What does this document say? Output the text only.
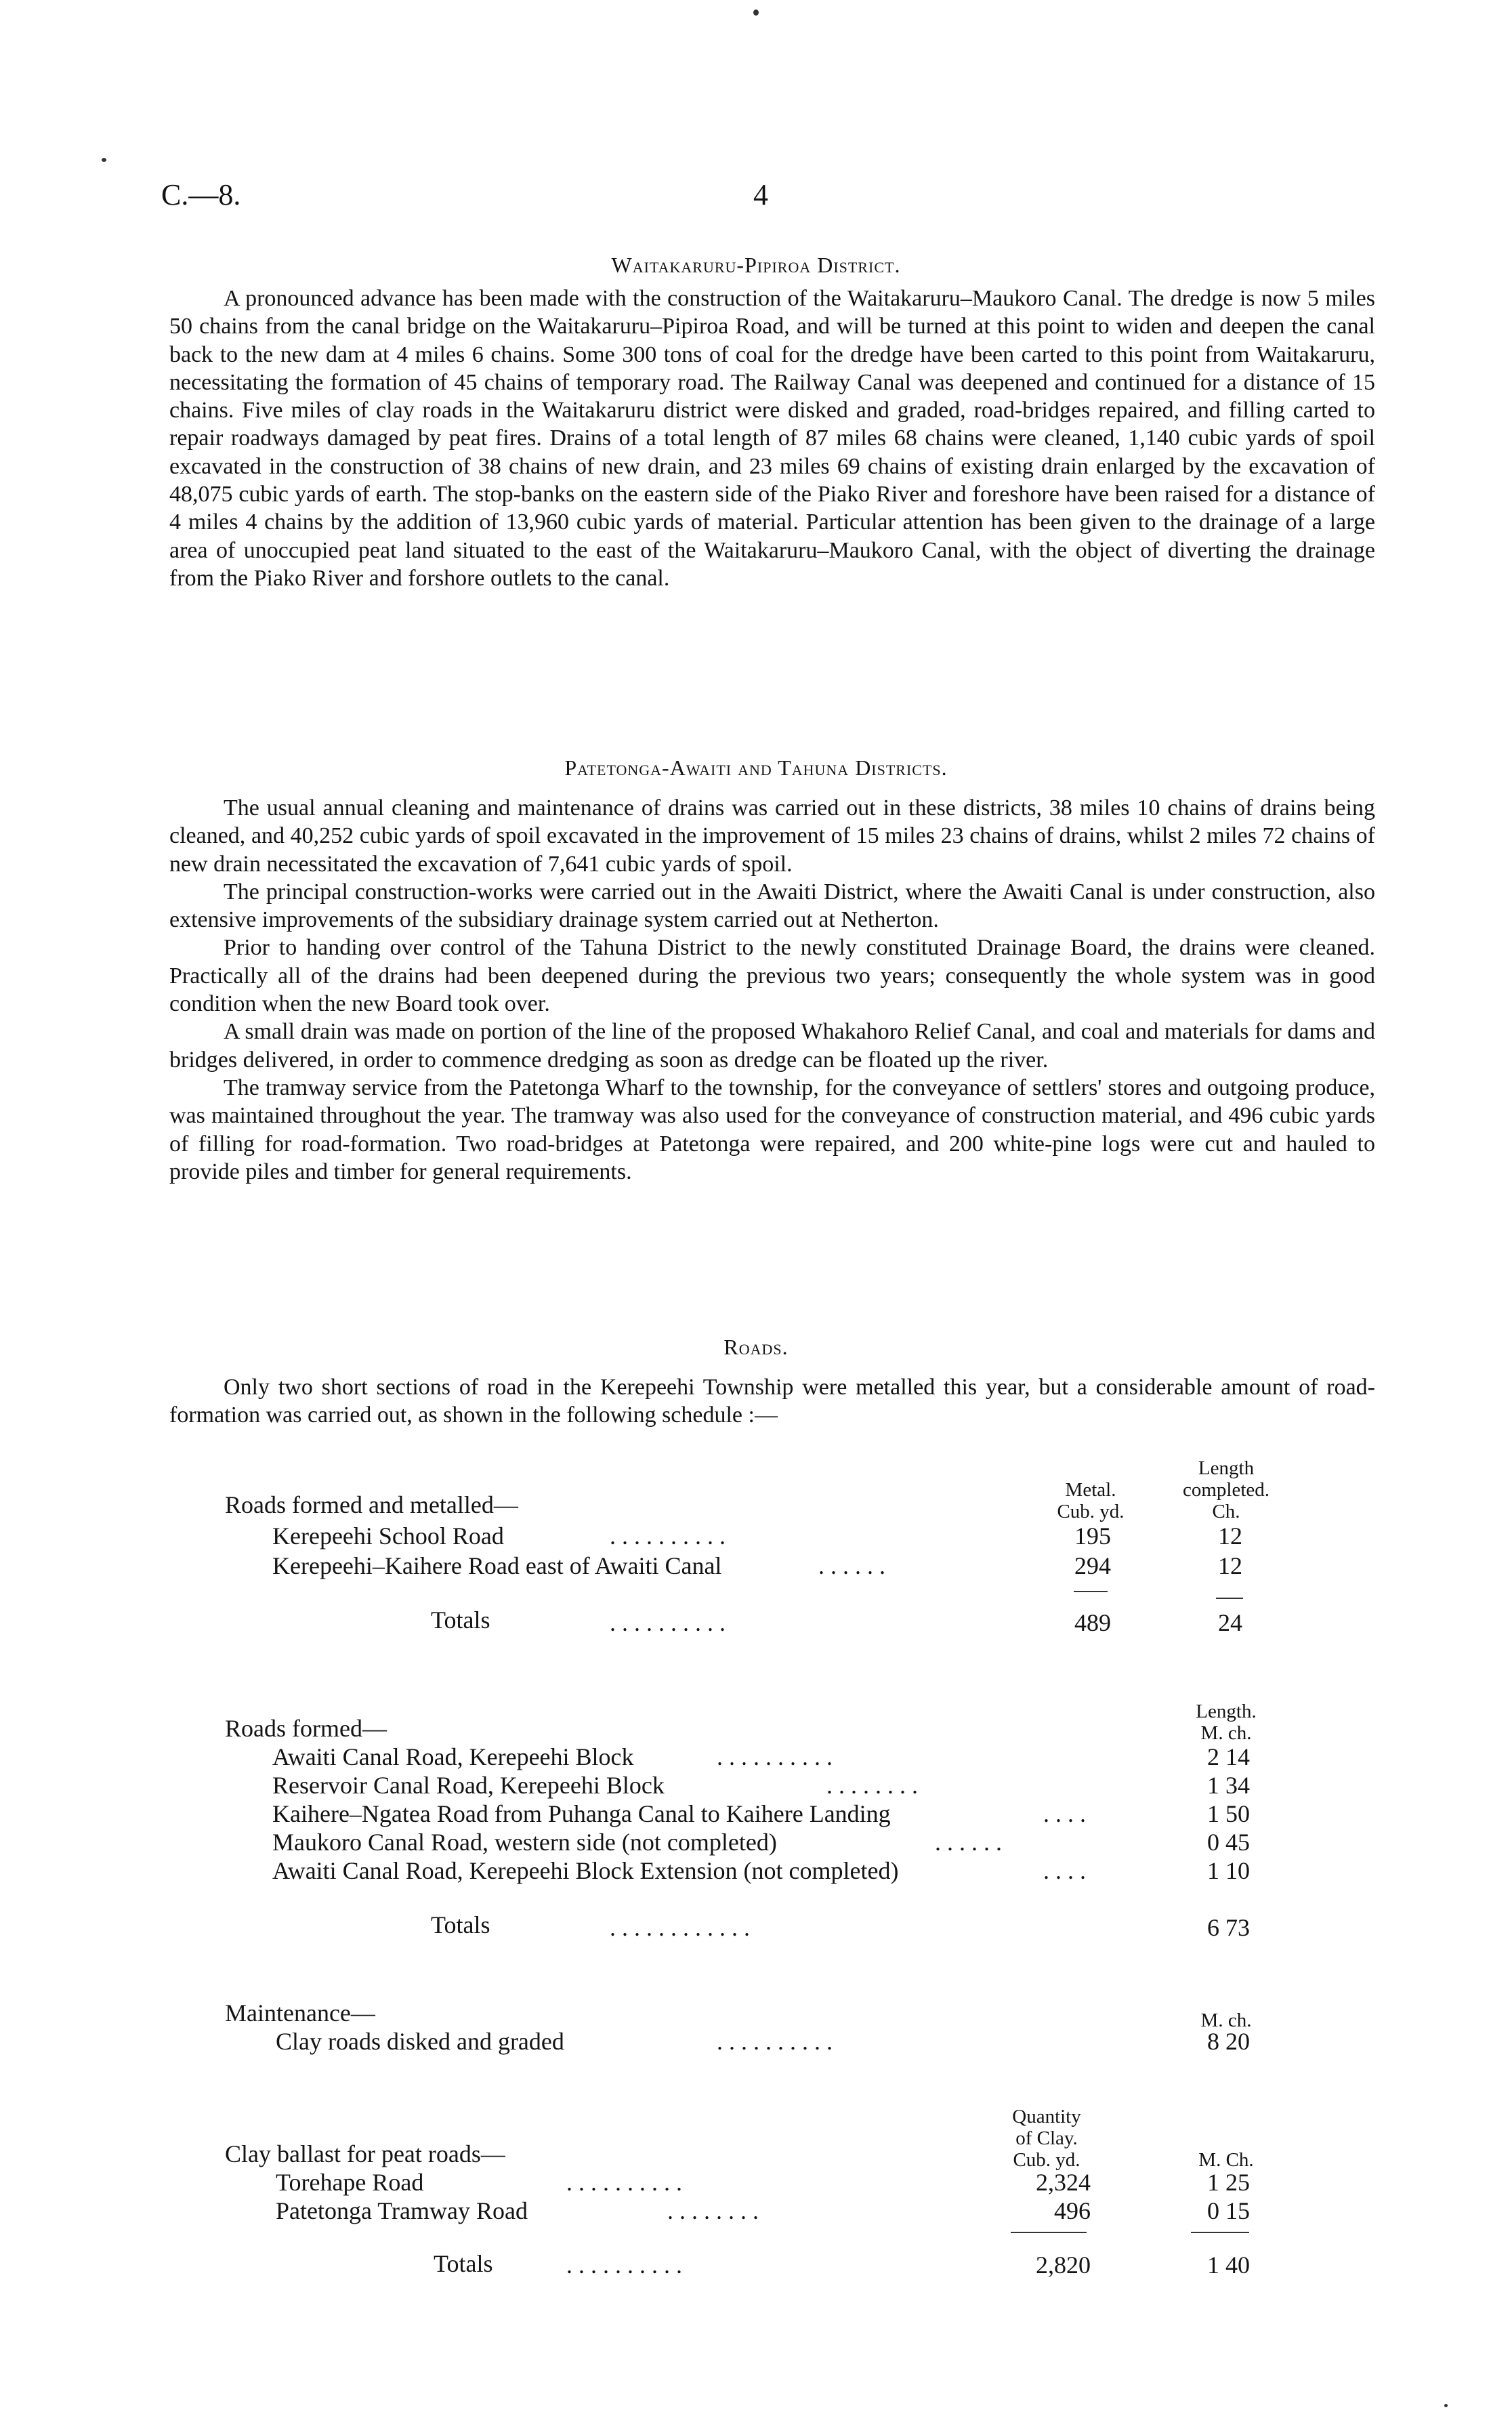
C.—8.	4
Waitakaruru-Pipiroa District.

A pronounced advance has been made with the construction of the Waitakaruru–Maukoro Canal. The dredge is now 5 miles 50 chains from the canal bridge on the Waitakaruru–Pipiroa Road, and will be turned at this point to widen and deepen the canal back to the new dam at 4 miles 6 chains. Some 300 tons of coal for the dredge have been carted to this point from Waitakaruru, necessitating the formation of 45 chains of temporary road. The Railway Canal was deepened and continued for a distance of 15 chains. Five miles of clay roads in the Waitakaruru district were disked and graded, road-bridges repaired, and filling carted to repair roadways damaged by peat fires. Drains of a total length of 87 miles 68 chains were cleaned, 1,140 cubic yards of spoil excavated in the construction of 38 chains of new drain, and 23 miles 69 chains of existing drain enlarged by the excavation of 48,075 cubic yards of earth. The stop-banks on the eastern side of the Piako River and foreshore have been raised for a distance of 4 miles 4 chains by the addition of 13,960 cubic yards of material. Particular attention has been given to the drainage of a large area of unoccupied peat land situated to the east of the Waitakaruru–Maukoro Canal, with the object of diverting the drainage from the Piako River and forshore outlets to the canal.

Patetonga-Awaiti and Tahuna Districts.

The usual annual cleaning and maintenance of drains was carried out in these districts, 38 miles 10 chains of drains being cleaned, and 40,252 cubic yards of spoil excavated in the improvement of 15 miles 23 chains of drains, whilst 2 miles 72 chains of new drain necessitated the excavation of 7,641 cubic yards of spoil.

The principal construction-works were carried out in the Awaiti District, where the Awaiti Canal is under construction, also extensive improvements of the subsidiary drainage system carried out at Netherton.

Prior to handing over control of the Tahuna District to the newly constituted Drainage Board, the drains were cleaned. Practically all of the drains had been deepened during the previous two years; consequently the whole system was in good condition when the new Board took over.

A small drain was made on portion of the line of the proposed Whakahoro Relief Canal, and coal and materials for dams and bridges delivered, in order to commence dredging as soon as dredge can be floated up the river.

The tramway service from the Patetonga Wharf to the township, for the conveyance of settlers' stores and outgoing produce, was maintained throughout the year. The tramway was also used for the conveyance of construction material, and 496 cubic yards of filling for road-formation. Two road-bridges at Patetonga were repaired, and 200 white-pine logs were cut and hauled to provide piles and timber for general requirements.

Roads.

Only two short sections of road in the Kerepeehi Township were metalled this year, but a considerable amount of road-formation was carried out, as shown in the following schedule :—

Metal.
Cub. yd.
Length
completed.
Ch.
Roads formed and metalled—
Kerepeehi School Road	. . . . . . . . . .	195	12
Kerepeehi–Kaihere Road east of Awaiti Canal	. . . . . .	294	12
Totals	. . . . . . . . . .	489	24
Length.
M. ch.
Roads formed—
Awaiti Canal Road, Kerepeehi Block	. . . . . . . . . .	2 14
Reservoir Canal Road, Kerepeehi Block	. . . . . . . .	1 34
Kaihere–Ngatea Road from Puhanga Canal to Kaihere Landing	. . . .	1 50
Maukoro Canal Road, western side (not completed)	. . . . . .	0 45
Awaiti Canal Road, Kerepeehi Block Extension (not completed)	. . . .	1 10
Totals	. . . . . . . . . . . .	6 73
M. ch.
Maintenance—
Clay roads disked and graded	. . . . . . . . . .	8 20
Quantity
of Clay.
Cub. yd.	M. Ch.
Clay ballast for peat roads—
Torehape Road	. . . . . . . . . .	2,324	1 25
Patetonga Tramway Road	. . . . . . . .	496	0 15
Totals	. . . . . . . . . .	2,820	1 40
